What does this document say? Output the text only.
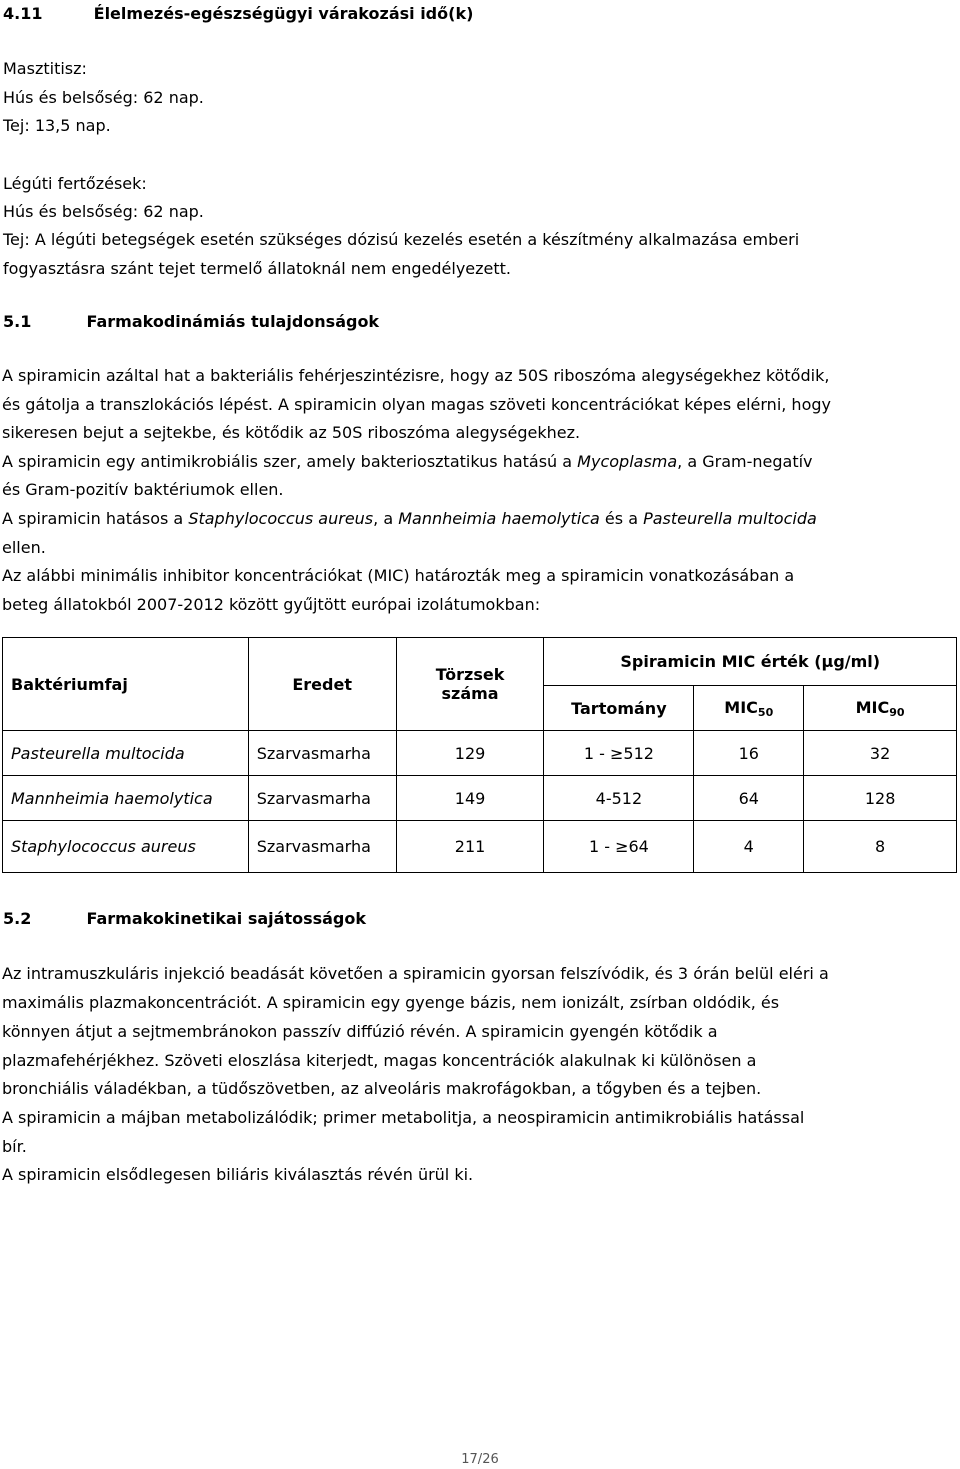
4.11	Élelmezés-egészségügyi várakozási idő(k)
Masztitisz:
Hús és belsőség: 62 nap.
Tej: 13,5 nap.
Légúti fertőzések:
Hús és belsőség: 62 nap.
Tej: A légúti betegségek esetén szükséges dózisú kezelés esetén a készítmény alkalmazása emberi
fogyasztásra szánt tejet termelő állatoknál nem engedélyezett.
5.1	Farmakodinámiás tulajdonságok
A spiramicin azáltal hat a bakteriális fehérjeszintézisre, hogy az 50S riboszóma alegységekhez kötődik,
és gátolja a transzlokációs lépést. A spiramicin olyan magas szöveti koncentrációkat képes elérni, hogy
sikeresen bejut a sejtekbe, és kötődik az 50S riboszóma alegységekhez.
A spiramicin egy antimikrobiális szer, amely bakteriosztatikus hatású a Mycoplasma, a Gram-negatív
és Gram-pozitív baktériumok ellen.
A spiramicin hatásos a Staphylococcus aureus, a Mannheimia haemolytica és a Pasteurella multocida
ellen.
Az alábbi minimális inhibitor koncentrációkat (MIC) határozták meg a spiramicin vonatkozásában a
beteg állatokból 2007-2012 között gyűjtött európai izolátumokban:
Baktériumfaj	Eredet	Törzsek száma	Spiramicin MIC érték (µg/ml)		
			Tartomány	$MIC_{50}$	$MIC_{90}$
Pasteurella multocida	Szarvasmarha	129	1 - ≥512	16	32
Mannheimia haemolytica	Szarvasmarha	149	4-512	64	128
Staphylococcus aureus	Szarvasmarha	211	1 - ≥64	4	8
5.2	Farmakokinetikai sajátosságok
Az intramuszkuláris injekció beadását követően a spiramicin gyorsan felszívódik, és 3 órán belül eléri a
maximális plazmakoncentrációt. A spiramicin egy gyenge bázis, nem ionizált, zsírban oldódik, és
könnyen átjut a sejtmembránokon passzív diffúzió révén. A spiramicin gyengén kötődik a
plazmafehérjékhez. Szöveti eloszlása kiterjedt, magas koncentrációk alakulnak ki különösen a
bronchiális váladékban, a tüdőszövetben, az alveoláris makrofágokban, a tőgyben és a tejben.
A spiramicin a májban metabolizálódik; primer metabolitja, a neospiramicin antimikrobiális hatással
bír.
A spiramicin elsődlegesen biliáris kiválasztás révén ürül ki.
17/26
